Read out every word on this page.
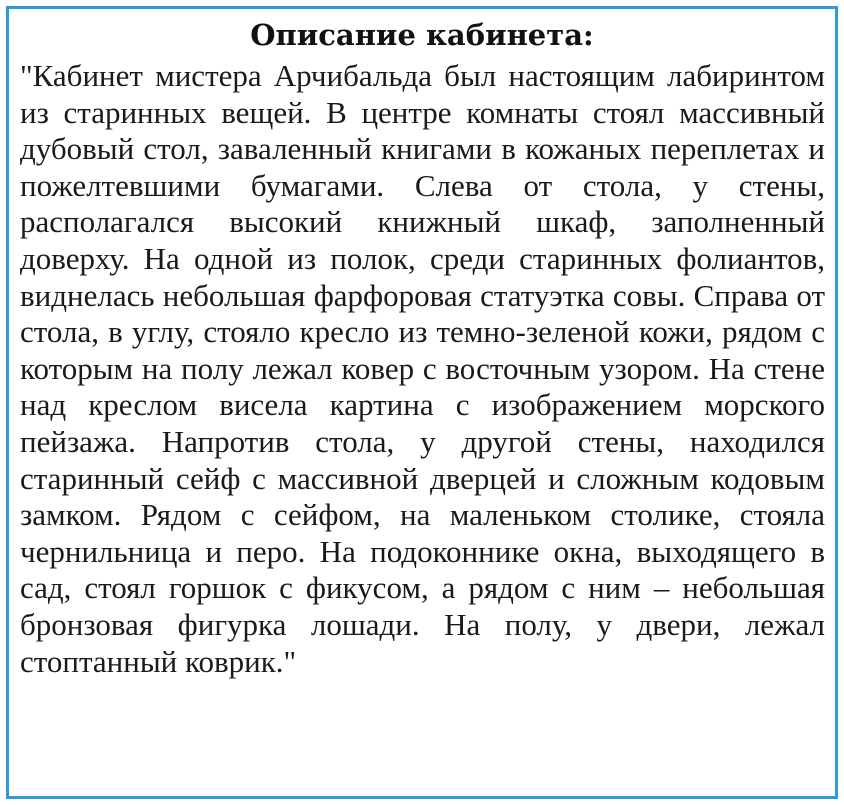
Описание кабинета:

"Кабинет мистера Арчибальда был настоящим лабиринтом из старинных вещей. В центре комнаты стоял массивный дубовый стол, заваленный книгами в кожаных переплетах и пожелтевшими бумагами. Слева от стола, у стены, располагался высокий книжный шкаф, заполненный доверху. На одной из полок, среди старинных фолиантов, виднелась небольшая фарфоровая статуэтка совы. Справа от стола, в углу, стояло кресло из темно-зеленой кожи, рядом с которым на полу лежал ковер с восточным узором. На стене над креслом висела картина с изображением морского пейзажа. Напротив стола, у другой стены, находился старинный сейф с массивной дверцей и сложным кодовым замком. Рядом с сейфом, на маленьком столике, стояла чернильница и перо. На подоконнике окна, выходящего в сад, стоял горшок с фикусом, а рядом с ним – небольшая бронзовая фигурка лошади. На полу, у двери, лежал стоптанный коврик."
